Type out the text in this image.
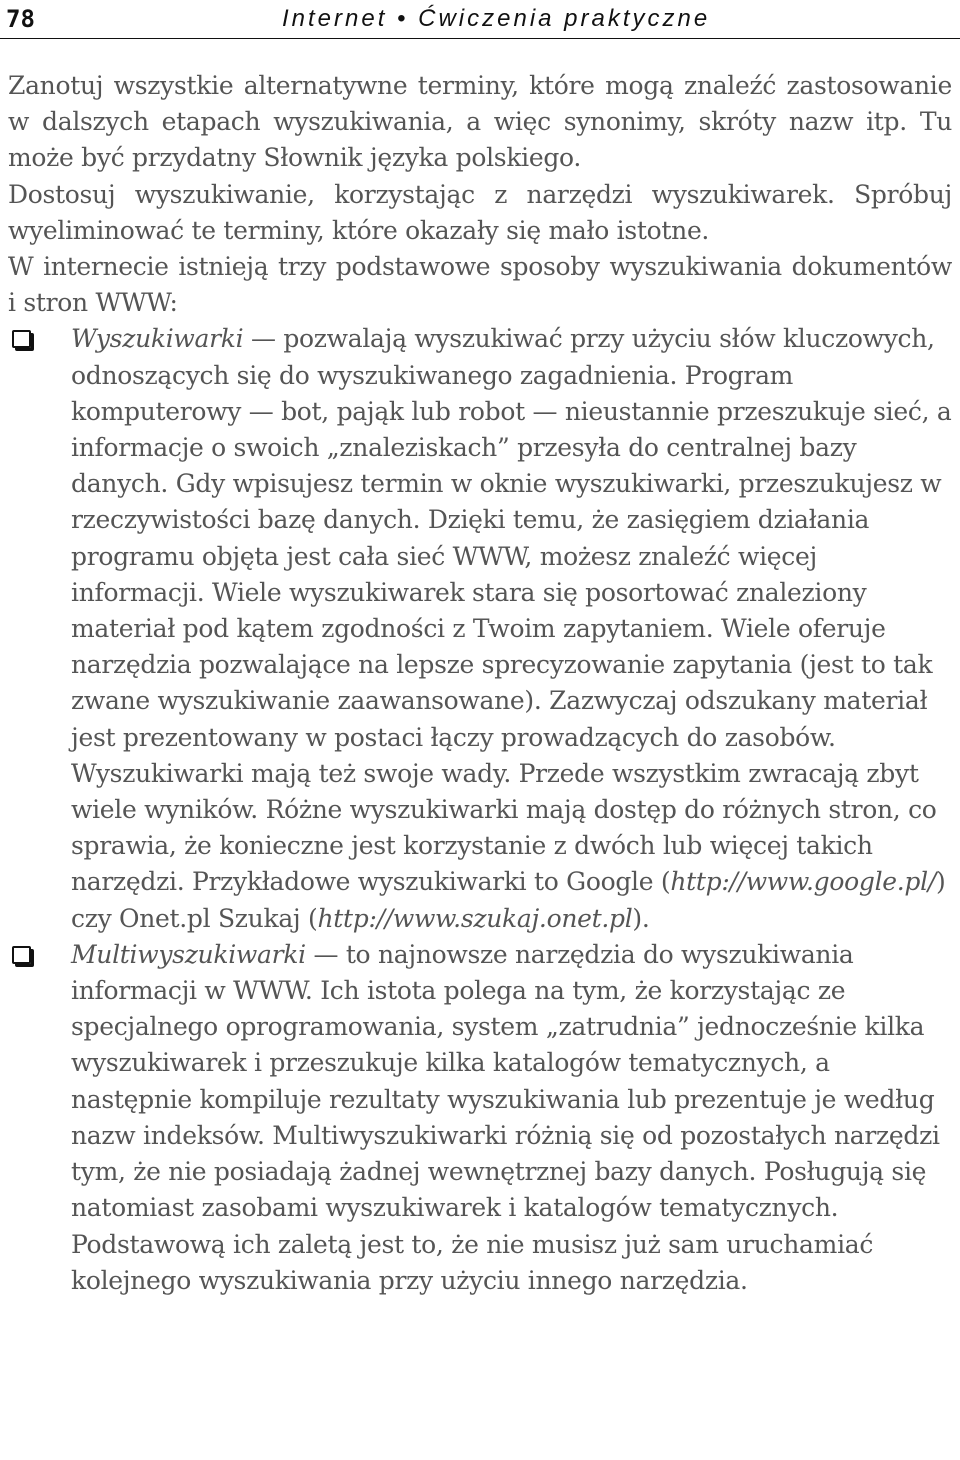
78	Internet • Ćwiczenia praktyczne

Zanotuj wszystkie alternatywne terminy, które mogą znaleźć zastosowanie w dalszych etapach wyszukiwania, a więc synonimy, skróty nazw itp. Tu może być przydatny Słownik języka polskiego.

Dostosuj wyszukiwanie, korzystając z narzędzi wyszukiwarek. Spróbuj wyeliminować te terminy, które okazały się mało istotne.

W internecie istnieją trzy podstawowe sposoby wyszukiwania dokumentów i stron WWW:

Wyszukiwarki — pozwalają wyszukiwać przy użyciu słów kluczowych, odnoszących się do wyszukiwanego zagadnienia. Program komputerowy — bot, pająk lub robot — nieustannie przeszukuje sieć, a informacje o swoich „znaleziskach” przesyła do centralnej bazy danych. Gdy wpisujesz termin w oknie wyszukiwarki, przeszukujesz w rzeczywistości bazę danych. Dzięki temu, że zasięgiem działania programu objęta jest cała sieć WWW, możesz znaleźć więcej informacji. Wiele wyszukiwarek stara się posortować znaleziony materiał pod kątem zgodności z Twoim zapytaniem. Wiele oferuje narzędzia pozwalające na lepsze sprecyzowanie zapytania (jest to tak zwane wyszukiwanie zaawansowane). Zazwyczaj odszukany materiał jest prezentowany w postaci łączy prowadzących do zasobów. Wyszukiwarki mają też swoje wady. Przede wszystkim zwracają zbyt wiele wyników. Różne wyszukiwarki mają dostęp do różnych stron, co sprawia, że konieczne jest korzystanie z dwóch lub więcej takich narzędzi. Przykładowe wyszukiwarki to Google (http://www.google.pl/) czy Onet.pl Szukaj (http://www.szukaj.onet.pl).

Multiwyszukiwarki — to najnowsze narzędzia do wyszukiwania informacji w WWW. Ich istota polega na tym, że korzystając ze specjalnego oprogramowania, system „zatrudnia” jednocześnie kilka wyszukiwarek i przeszukuje kilka katalogów tematycznych, a następnie kompiluje rezultaty wyszukiwania lub prezentuje je według nazw indeksów. Multiwyszukiwarki różnią się od pozostałych narzędzi tym, że nie posiadają żadnej wewnętrznej bazy danych. Posługują się natomiast zasobami wyszukiwarek i katalogów tematycznych. Podstawową ich zaletą jest to, że nie musisz już sam uruchamiać kolejnego wyszukiwania przy użyciu innego narzędzia.
